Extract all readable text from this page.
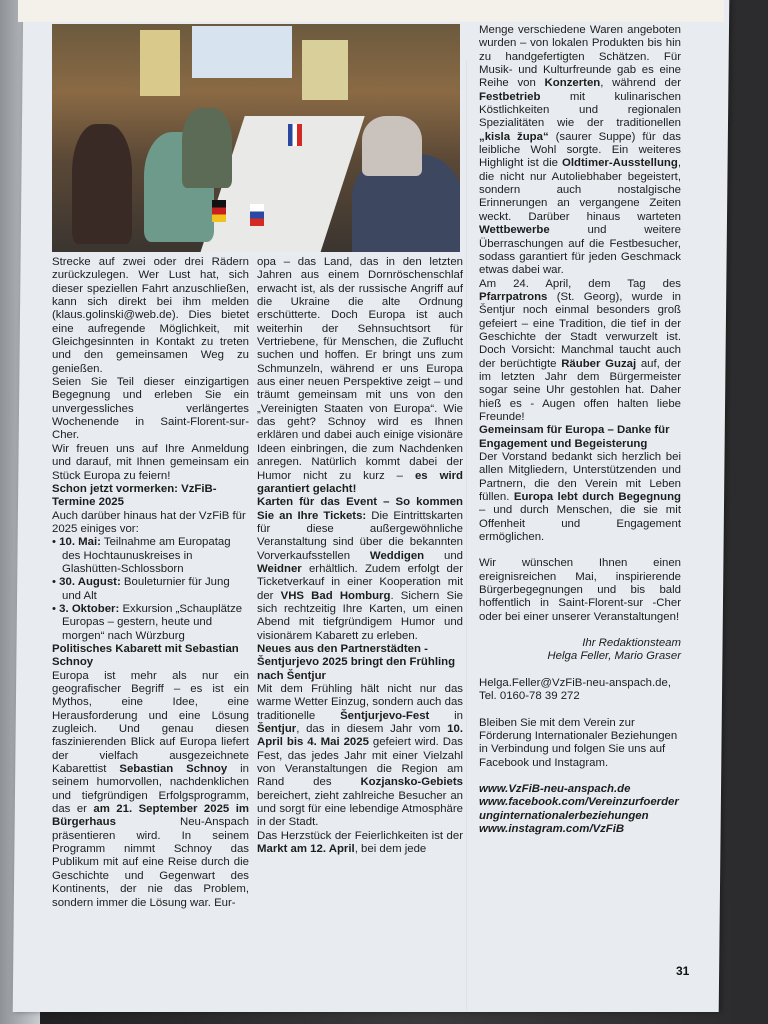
Strecke auf zwei oder drei Rädern zurückzulegen. Wer Lust hat, sich dieser speziellen Fahrt anzuschließen, kann sich direkt bei ihm melden (klaus.golinski@web.de). Dies bietet eine aufregende Möglichkeit, mit Gleichgesinnten in Kontakt zu treten und den gemeinsamen Weg zu genießen.

Seien Sie Teil dieser einzigartigen Begegnung und erleben Sie ein unvergessliches verlängertes Wochenende in Saint-Florent-sur-Cher.

Wir freuen uns auf Ihre Anmeldung und darauf, mit Ihnen gemeinsam ein Stück Europa zu feiern!

Schon jetzt vormerken: VzFiB-Termine 2025

Auch darüber hinaus hat der VzFiB für 2025 einiges vor:

• 10. Mai: Teilnahme am Europatag des Hochtaunuskreises in Glashütten-Schlossborn

• 30. August: Bouleturnier für Jung und Alt

• 3. Oktober: Exkursion „Schauplätze Europas – gestern, heute und morgen“ nach Würzburg

Politisches Kabarett mit Sebastian Schnoy

Europa ist mehr als nur ein geografischer Begriff – es ist ein Mythos, eine Idee, eine Herausforderung und eine Lösung zugleich. Und genau diesen faszinierenden Blick auf Europa liefert der vielfach ausgezeichnete Kabarettist Sebastian Schnoy in seinem humorvollen, nachdenklichen und tiefgründigen Erfolgsprogramm, das er am 21. September 2025 im Bürgerhaus Neu-Anspach präsentieren wird. In seinem Programm nimmt Schnoy das Publikum mit auf eine Reise durch die Geschichte und Gegenwart des Kontinents, der nie das Problem, sondern immer die Lösung war. Eur-

opa – das Land, das in den letzten Jahren aus einem Dornröschenschlaf erwacht ist, als der russische Angriff auf die Ukraine die alte Ordnung erschütterte. Doch Europa ist auch weiterhin der Sehnsuchtsort für Vertriebene, für Menschen, die Zuflucht suchen und hoffen. Er bringt uns zum Schmunzeln, während er uns Europa aus einer neuen Perspektive zeigt – und träumt gemeinsam mit uns von den „Vereinigten Staaten von Europa“. Wie das geht? Schnoy wird es Ihnen erklären und dabei auch einige visionäre Ideen einbringen, die zum Nachdenken anregen. Natürlich kommt dabei der Humor nicht zu kurz – es wird garantiert gelacht!

Karten für das Event – So kommen Sie an Ihre Tickets: Die Eintrittskarten für diese außergewöhnliche Veranstaltung sind über die bekannten Vorverkaufsstellen Weddigen und Weidner erhältlich. Zudem erfolgt der Ticketverkauf in einer Kooperation mit der VHS Bad Homburg. Sichern Sie sich rechtzeitig Ihre Karten, um einen Abend mit tiefgründigem Humor und visionärem Kabarett zu erleben.

Neues aus den Partnerstädten - Šentjurjevo 2025 bringt den Frühling nach Šentjur

Mit dem Frühling hält nicht nur das warme Wetter Einzug, sondern auch das traditionelle Šentjurjevo-Fest in Šentjur, das in diesem Jahr vom 10. April bis 4. Mai 2025 gefeiert wird. Das Fest, das jedes Jahr mit einer Vielzahl von Veranstaltungen die Region am Rand des Kozjansko-Gebiets bereichert, zieht zahlreiche Besucher an und sorgt für eine lebendige Atmosphäre in der Stadt.

Das Herzstück der Feierlichkeiten ist der Markt am 12. April, bei dem jede

Menge verschiedene Waren angeboten wurden – von lokalen Produkten bis hin zu handgefertigten Schätzen. Für Musik- und Kulturfreunde gab es eine Reihe von Konzerten, während der Festbetrieb mit kulinarischen Köstlichkeiten und regionalen Spezialitäten wie der traditionellen „kisla župa“ (saurer Suppe) für das leibliche Wohl sorgte. Ein weiteres Highlight ist die Oldtimer-Ausstellung, die nicht nur Autoliebhaber begeistert, sondern auch nostalgische Erinnerungen an vergangene Zeiten weckt. Darüber hinaus warteten Wettbewerbe und weitere Überraschungen auf die Festbesucher, sodass garantiert für jeden Geschmack etwas dabei war.

Am 24. April, dem Tag des Pfarrpatrons (St. Georg), wurde in Šentjur noch einmal besonders groß gefeiert – eine Tradition, die tief in der Geschichte der Stadt verwurzelt ist. Doch Vorsicht: Manchmal taucht auch der berüchtigte Räuber Guzaj auf, der im letzten Jahr dem Bürgermeister sogar seine Uhr gestohlen hat. Daher hieß es - Augen offen halten liebe Freunde!

Gemeinsam für Europa – Danke für Engagement und Begeisterung

Der Vorstand bedankt sich herzlich bei allen Mitgliedern, Unterstützenden und Partnern, die den Verein mit Leben füllen. Europa lebt durch Begegnung – und durch Menschen, die sie mit Offenheit und Engagement ermöglichen.

Wir wünschen Ihnen einen ereignisreichen Mai, inspirierende Bürgerbegegnungen und bis bald hoffentlich in Saint-Florent-sur -Cher oder bei einer unserer Veranstaltungen!

Ihr Redaktionsteam

Helga Feller, Mario Graser

Helga.Feller@VzFiB-neu-anspach.de,

Tel. 0160-78 39 272

Bleiben Sie mit dem Verein zur Förderung Internationaler Beziehungen in Verbindung und folgen Sie uns auf Facebook und Instagram.

www.VzFiB-neu-anspach.de

www.facebook.com/Vereinzurfoerderunginternationalerbeziehungen

www.instagram.com/VzFiB

31
